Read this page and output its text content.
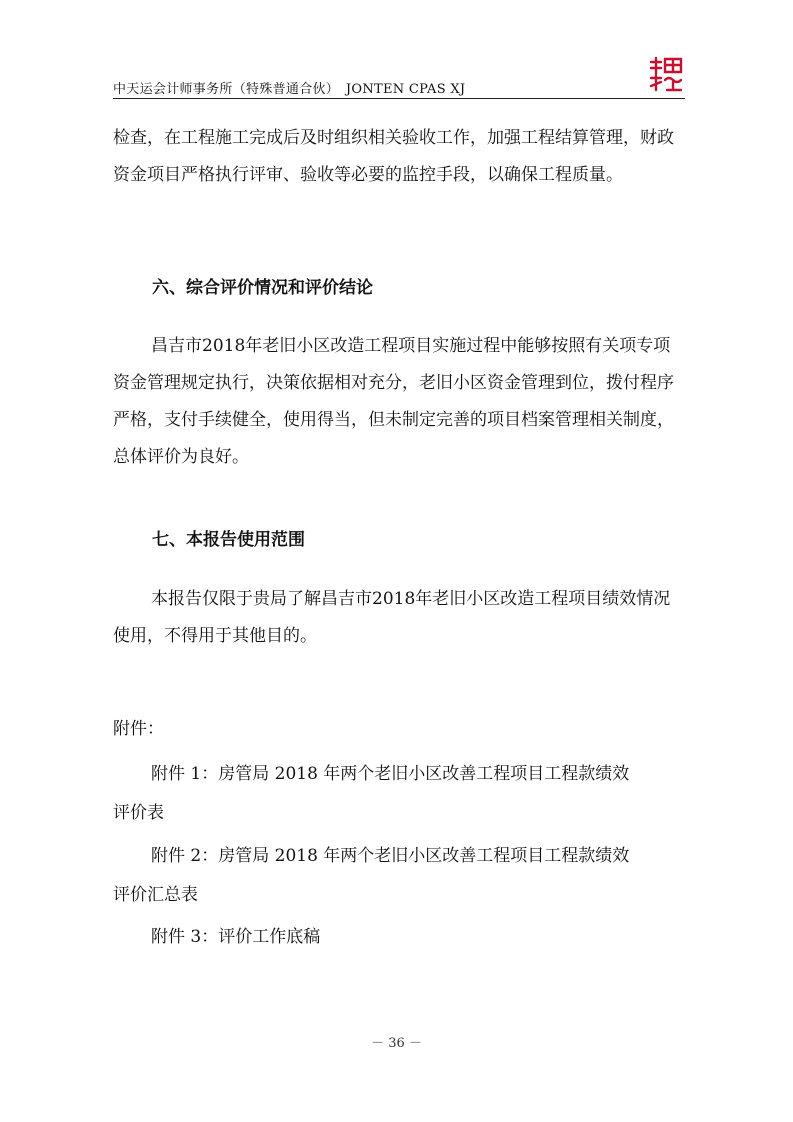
中天运会计师事务所（特殊普通合伙）　JONTEN CPAS XJ

检查，在工程施工完成后及时组织相关验收工作，加强工程结算管理，财政资金项目严格执行评审、验收等必要的监控手段，以确保工程质量。

六、综合评价情况和评价结论

昌吉市2018年老旧小区改造工程项目实施过程中能够按照有关项专项资金管理规定执行，决策依据相对充分，老旧小区资金管理到位，拨付程序严格，支付手续健全，使用得当，但未制定完善的项目档案管理相关制度，总体评价为良好。

七、本报告使用范围

本报告仅限于贵局了解昌吉市2018年老旧小区改造工程项目绩效情况使用，不得用于其他目的。

附件：
附件 1：房管局 2018 年两个老旧小区改善工程项目工程款绩效
评价表
附件 2：房管局 2018 年两个老旧小区改善工程项目工程款绩效
评价汇总表
附件 3：评价工作底稿
－ 36 －
